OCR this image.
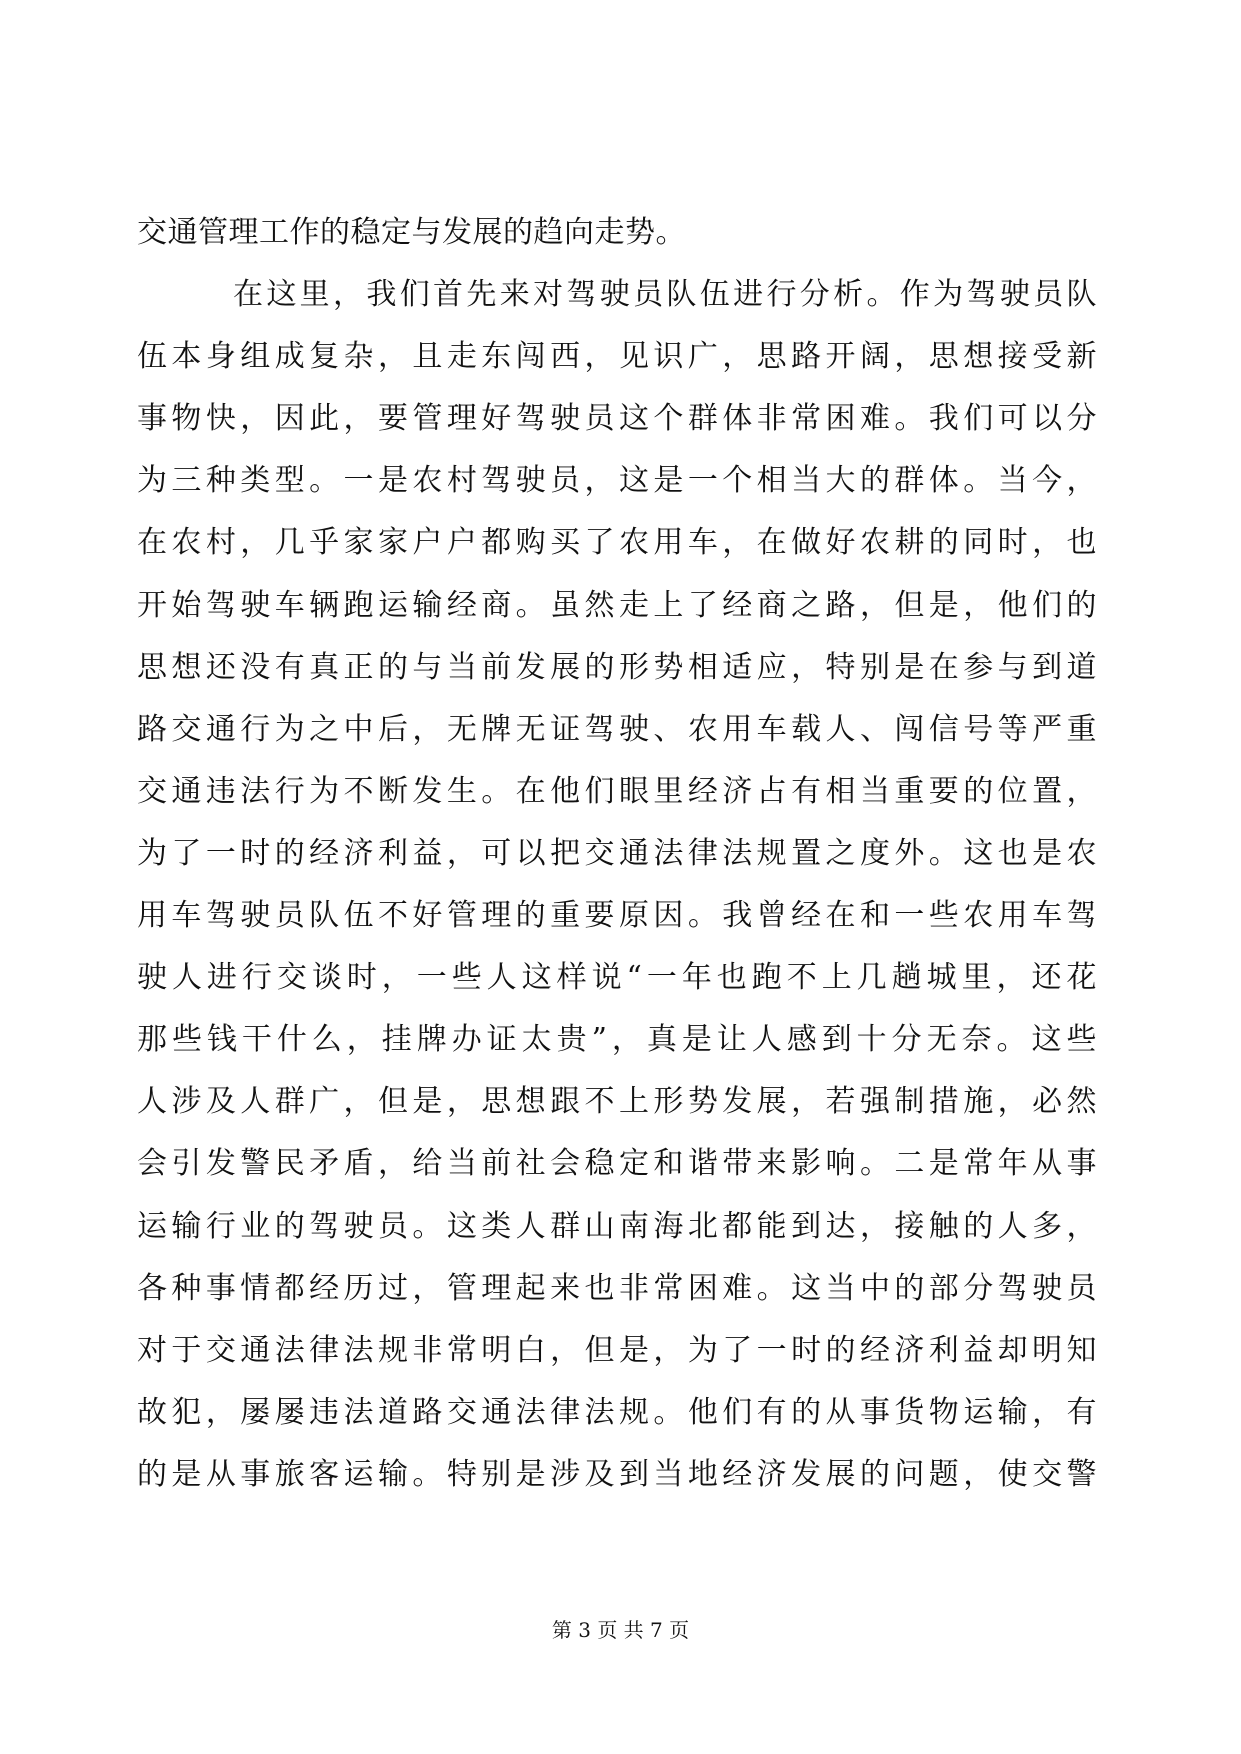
交通管理工作的稳定与发展的趋向走势。
在这里，我们首先来对驾驶员队伍进行分析。作为驾驶员队
伍本身组成复杂，且走东闯西，见识广，思路开阔，思想接受新
事物快，因此，要管理好驾驶员这个群体非常困难。我们可以分
为三种类型。一是农村驾驶员，这是一个相当大的群体。当今，
在农村，几乎家家户户都购买了农用车，在做好农耕的同时，也
开始驾驶车辆跑运输经商。虽然走上了经商之路，但是，他们的
思想还没有真正的与当前发展的形势相适应，特别是在参与到道
路交通行为之中后，无牌无证驾驶、农用车载人、闯信号等严重
交通违法行为不断发生。在他们眼里经济占有相当重要的位置，
为了一时的经济利益，可以把交通法律法规置之度外。这也是农
用车驾驶员队伍不好管理的重要原因。我曾经在和一些农用车驾
驶人进行交谈时，一些人这样说“一年也跑不上几趟城里，还花
那些钱干什么，挂牌办证太贵”，真是让人感到十分无奈。这些
人涉及人群广，但是，思想跟不上形势发展，若强制措施，必然
会引发警民矛盾，给当前社会稳定和谐带来影响。二是常年从事
运输行业的驾驶员。这类人群山南海北都能到达，接触的人多，
各种事情都经历过，管理起来也非常困难。这当中的部分驾驶员
对于交通法律法规非常明白，但是，为了一时的经济利益却明知
故犯，屡屡违法道路交通法律法规。他们有的从事货物运输，有
的是从事旅客运输。特别是涉及到当地经济发展的问题，使交警
第 3 页 共 7 页
